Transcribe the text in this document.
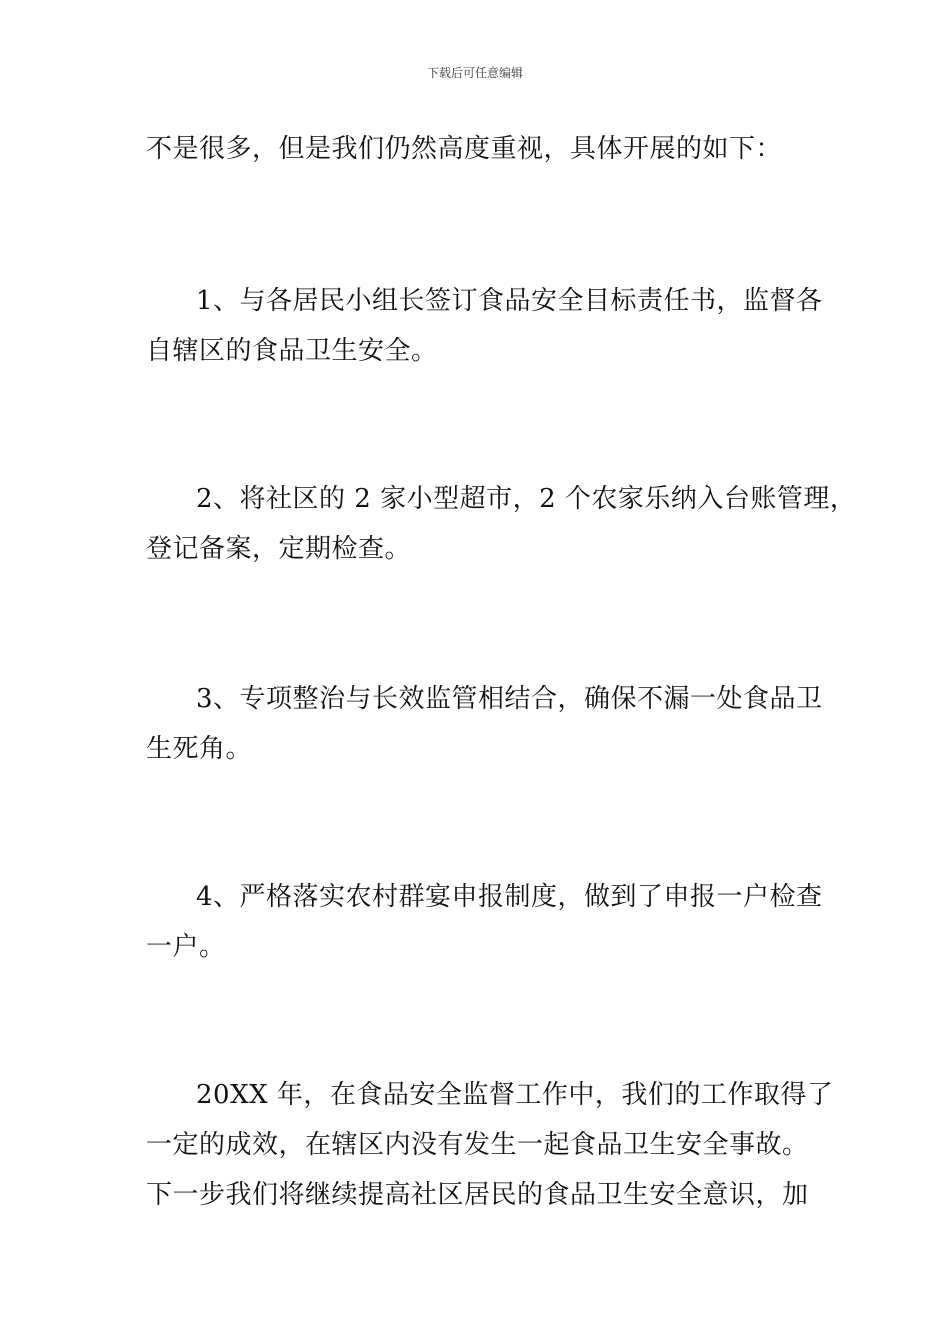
下载后可任意编辑
不是很多，但是我们仍然高度重视，具体开展的如下：
1、与各居民小组长签订食品安全目标责任书，监督各
自辖区的食品卫生安全。
2、将社区的 2 家小型超市，2 个农家乐纳入台账管理，
登记备案，定期检查。
3、专项整治与长效监管相结合，确保不漏一处食品卫
生死角。
4、严格落实农村群宴申报制度，做到了申报一户检查
一户。
20XX 年，在食品安全监督工作中，我们的工作取得了
一定的成效，在辖区内没有发生一起食品卫生安全事故。
下一步我们将继续提高社区居民的食品卫生安全意识，加
